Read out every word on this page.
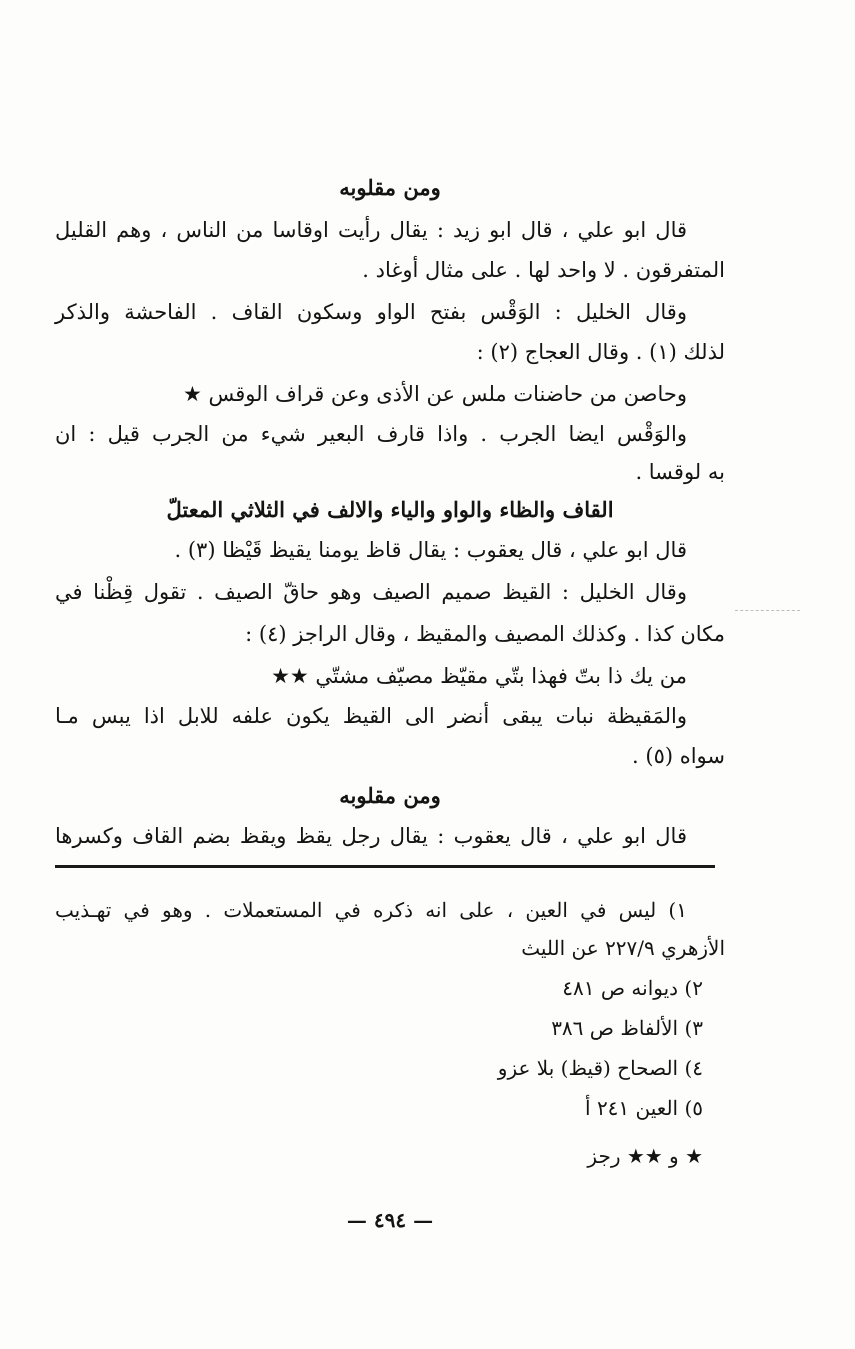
ومن مقلوبه
قال ابو علي ، قال ابو زيد : يقال رأيت اوقاسا من الناس ، وهم القليل
المتفرقون . لا واحد لها . على مثال أوغاد .
وقال الخليل : الوَقْس بفتح الواو وسكون القاف . الفاحشة والذكر
لذلك (١) . وقال العجاج (٢) :
وحاصن من حاضنات ملس عن الأذى وعن قراف الوقس ★
والوَقْس ايضا الجرب . واذا قارف البعير شيء من الجرب قيل : ان
به لوقسا .
القاف والظاء والواو والياء والالف في الثلاثي المعتلّ
قال ابو علي ، قال يعقوب : يقال قاظ يومنا يقيظ قَيْظا (٣) .
وقال الخليل : القيظ صميم الصيف وهو حاقّ الصيف . تقول قِظْنا في
مكان كذا . وكذلك المصيف والمقيظ ، وقال الراجز (٤) :
من يك ذا بتّ فهذا بتّي مقيّظ مصيّف مشتّي ★★
والمَقيظة نبات يبقى أنضر الى القيظ يكون علفه للابل اذا يبس مـا
سواه (٥) .
ومن مقلوبه
قال ابو علي ، قال يعقوب : يقال رجل يقظ ويقظ بضم القاف وكسرها
١) ليس في العين ، على انه ذكره في المستعملات . وهو في تهـذيب
الأزهري ٢٢٧/٩ عن الليث
٢) ديوانه ص ٤٨١
٣) الألفاظ ص ٣٨٦
٤) الصحاح (قيظ) بلا عزو
٥) العين ٢٤١ أ
★ و ★★ رجز
— ٤٩٤ —
